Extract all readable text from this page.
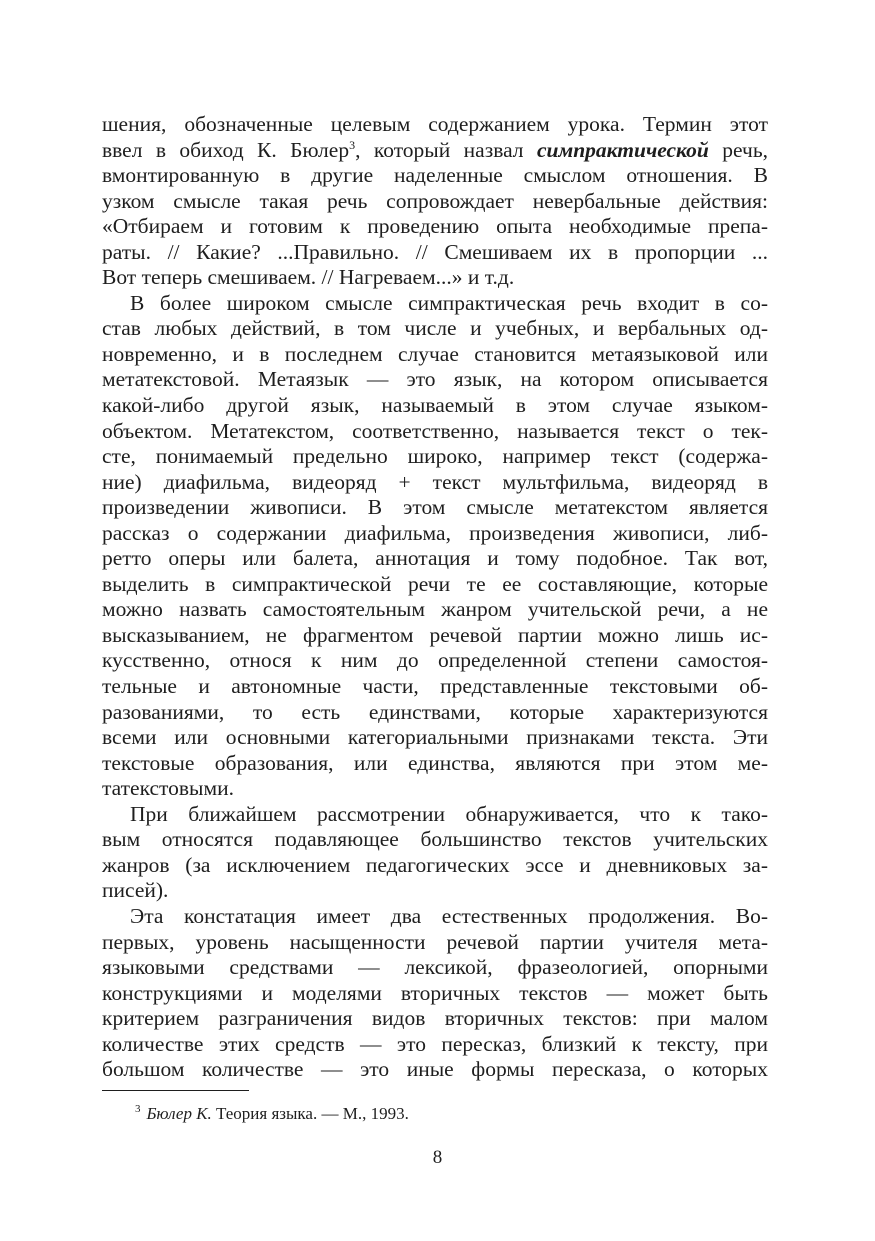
шения, обозначенные целевым содержанием урока. Термин этот
ввел в обиход К. Бюлер$^3$, который назвал симпрактической речь,
вмонтированную в другие наделенные смыслом отношения. В
узком смысле такая речь сопровождает невербальные действия:
«Отбираем и готовим к проведению опыта необходимые препа-
раты. // Какие? ...Правильно. // Смешиваем их в пропорции ...
Вот теперь смешиваем. // Нагреваем...» и т.д.
В более широком смысле симпрактическая речь входит в со-
став любых действий, в том числе и учебных, и вербальных од-
новременно, и в последнем случае становится метаязыковой или
метатекстовой. Метаязык — это язык, на котором описывается
какой-либо другой язык, называемый в этом случае языком-
объектом. Метатекстом, соответственно, называется текст о тек-
сте, понимаемый предельно широко, например текст (содержа-
ние) диафильма, видеоряд + текст мультфильма, видеоряд в
произведении живописи. В этом смысле метатекстом является
рассказ о содержании диафильма, произведения живописи, либ-
ретто оперы или балета, аннотация и тому подобное. Так вот,
выделить в симпрактической речи те ее составляющие, которые
можно назвать самостоятельным жанром учительской речи, а не
высказыванием, не фрагментом речевой партии можно лишь ис-
кусственно, относя к ним до определенной степени самостоя-
тельные и автономные части, представленные текстовыми об-
разованиями, то есть единствами, которые характеризуются
всеми или основными категориальными признаками текста. Эти
текстовые образования, или единства, являются при этом ме-
татекстовыми.
При ближайшем рассмотрении обнаруживается, что к тако-
вым относятся подавляющее большинство текстов учительских
жанров (за исключением педагогических эссе и дневниковых за-
писей).
Эта констатация имеет два естественных продолжения. Во-
первых, уровень насыщенности речевой партии учителя мета-
языковыми средствами — лексикой, фразеологией, опорными
конструкциями и моделями вторичных текстов — может быть
критерием разграничения видов вторичных текстов: при малом
количестве этих средств — это пересказ, близкий к тексту, при
большом количестве — это иные формы пересказа, о которых
$^3$ Бюлер К. Теория языка. — М., 1993.
8
